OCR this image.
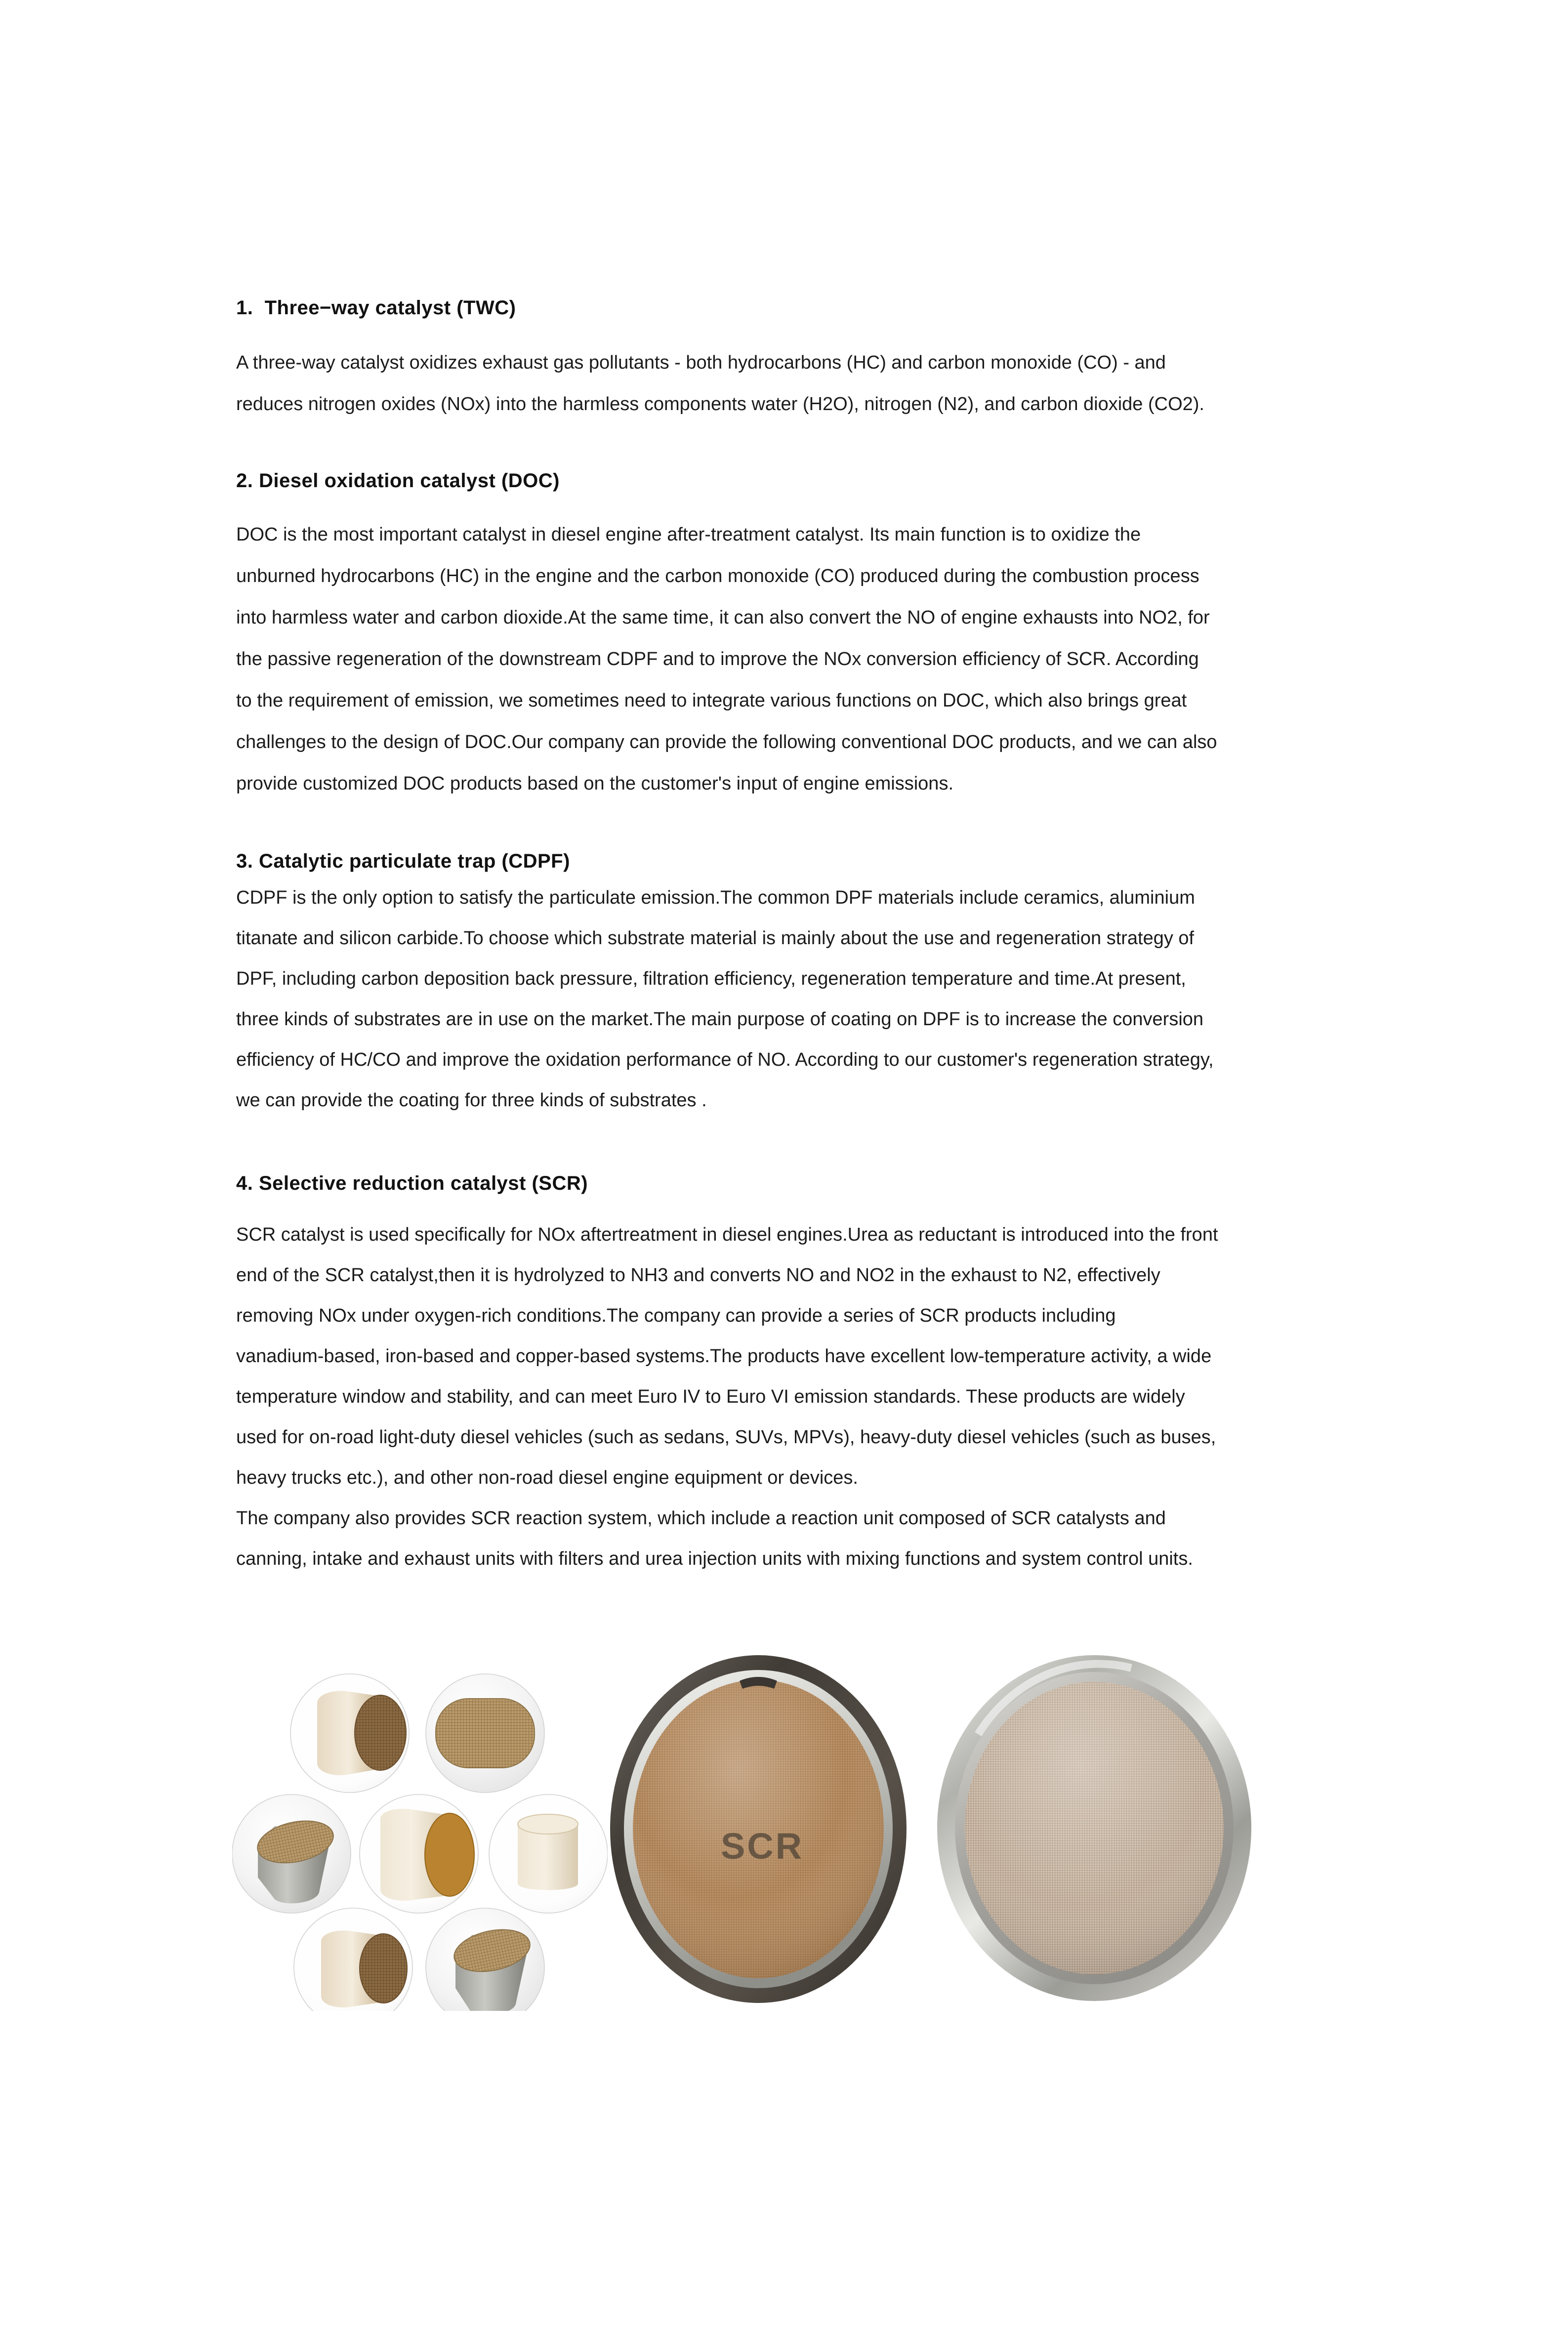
1.  Three−way catalyst (TWC)

A three-way catalyst oxidizes exhaust gas pollutants - both hydrocarbons (HC) and carbon monoxide (CO) - and
reduces nitrogen oxides (NOx) into the harmless components water (H2O), nitrogen (N2), and carbon dioxide (CO2).

2. Diesel oxidation catalyst (DOC)

DOC is the most important catalyst in diesel engine after-treatment catalyst. Its main function is to oxidize the
unburned hydrocarbons (HC) in the engine and the carbon monoxide (CO) produced during the combustion process
into harmless water and carbon dioxide.At the same time, it can also convert the NO of engine exhausts into NO2, for
the passive regeneration of the downstream CDPF and to improve the NOx conversion efficiency of SCR. According
to the requirement of emission, we sometimes need to integrate various functions on DOC, which also brings great
challenges to the design of DOC.Our company can provide the following conventional DOC products, and we can also
provide customized DOC products based on the customer's input of engine emissions.

3. Catalytic particulate trap (CDPF)

CDPF is the only option to satisfy the particulate emission.The common DPF materials include ceramics, aluminium
titanate and silicon carbide.To choose which substrate material is mainly about the use and regeneration strategy of
DPF, including carbon deposition back pressure, filtration efficiency, regeneration temperature and time.At present,
three kinds of substrates are in use on the market.The main purpose of coating on DPF is to increase the conversion
efficiency of HC/CO and improve the oxidation performance of NO. According to our customer's regeneration strategy,
we can provide the coating for three kinds of substrates .

4. Selective reduction catalyst (SCR)

SCR catalyst is used specifically for NOx aftertreatment in diesel engines.Urea as reductant is introduced into the front
end of the SCR catalyst,then it is hydrolyzed to NH3 and converts NO and NO2 in the exhaust to N2, effectively
removing NOx under oxygen-rich conditions.The company can provide a series of SCR products including
vanadium-based, iron-based and copper-based systems.The products have excellent low-temperature activity, a wide
temperature window and stability, and can meet Euro IV to Euro VI emission standards. These products are widely
used for on-road light-duty diesel vehicles (such as sedans, SUVs, MPVs), heavy-duty diesel vehicles (such as buses,
heavy trucks etc.), and other non-road diesel engine equipment or devices.
The company also provides SCR reaction system, which include a reaction unit composed of SCR catalysts and
canning, intake and exhaust units with filters and urea injection units with mixing functions and system control units.

SCR
